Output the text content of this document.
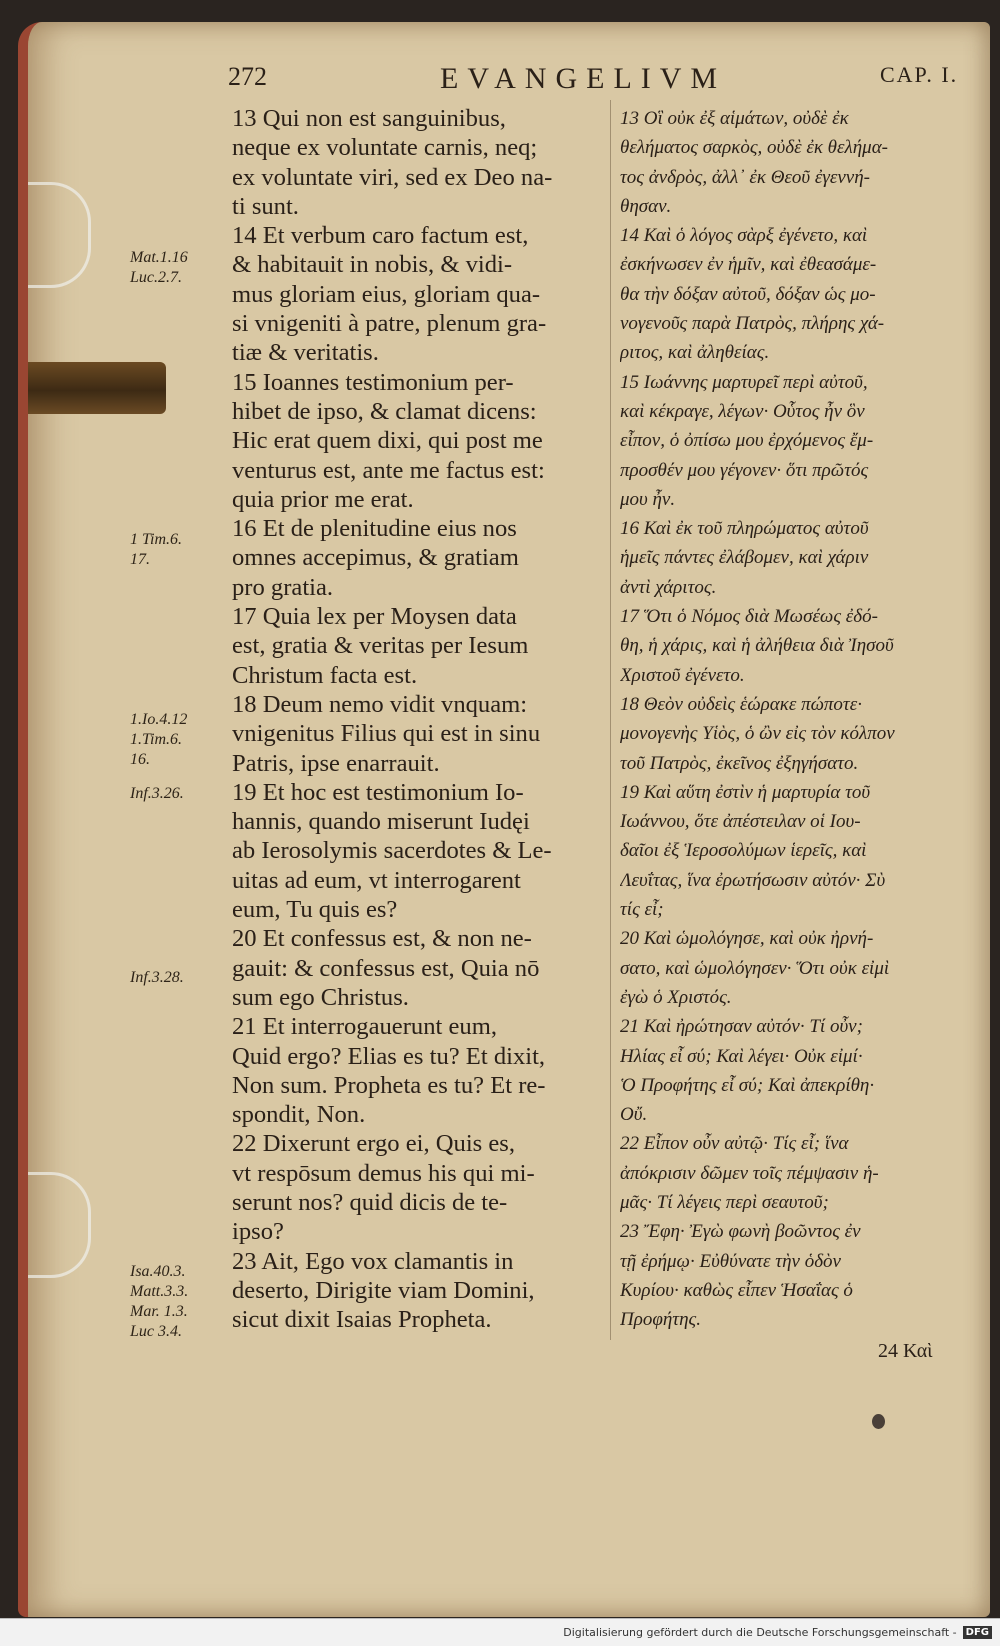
272	EVANGELIVM	CAP. I.
13 Qui non est sanguinibus,
neque ex voluntate carnis, neq;
ex voluntate viri, sed ex Deo na-
ti sunt.
14 Et verbum caro factum est,
& habitauit in nobis, & vidi-
mus gloriam eius, gloriam qua-
si vnigeniti à patre, plenum gra-
tiæ & veritatis.
15 Ioannes testimonium per-
hibet de ipso, & clamat dicens:
Hic erat quem dixi, qui post me
venturus est, ante me factus est:
quia prior me erat.
16 Et de plenitudine eius nos
omnes accepimus, & gratiam
pro gratia.
17 Quia lex per Moysen data
est, gratia & veritas per Iesum
Christum facta est.
18 Deum nemo vidit vnquam:
vnigenitus Filius qui est in sinu
Patris, ipse enarrauit.
19 Et hoc est testimonium Io-
hannis, quando miserunt Iudęi
ab Ierosolymis sacerdotes & Le-
uitas ad eum, vt interrogarent
eum, Tu quis es?
20 Et confessus est, & non ne-
gauit: & confessus est, Quia nō
sum ego Christus.
21 Et interrogauerunt eum,
Quid ergo? Elias es tu? Et dixit,
Non sum. Propheta es tu? Et re-
spondit, Non.
22 Dixerunt ergo ei, Quis es,
vt respōsum demus his qui mi-
serunt nos? quid dicis de te-
ipso?
23 Ait, Ego vox clamantis in
deserto, Dirigite viam Domini,
sicut dixit Isaias Propheta.
13 Οἳ οὐκ ἐξ αἱμάτων, οὐδὲ ἐκ
θελήματος σαρκὸς, οὐδὲ ἐκ θελήμα-
τος ἀνδρὸς, ἀλλ᾽ ἐκ Θεοῦ ἐγεννή-
θησαν.
14 Καὶ ὁ λόγος σὰρξ ἐγένετο, καὶ
ἐσκήνωσεν ἐν ἡμῖν, καὶ ἐθεασάμε-
θα τὴν δόξαν αὐτοῦ, δόξαν ὡς μο-
νογενοῦς παρὰ Πατρὸς, πλήρης χά-
ριτος, καὶ ἀληθείας.
15 Ιωάννης μαρτυρεῖ περὶ αὐτοῦ,
καὶ κέκραγε, λέγων· Οὗτος ἦν ὃν
εἶπον, ὁ ὀπίσω μου ἐρχόμενος ἔμ-
προσθέν μου γέγονεν· ὅτι πρῶτός
μου ἦν.
16 Καὶ ἐκ τοῦ πληρώματος αὐτοῦ
ἡμεῖς πάντες ἐλάβομεν, καὶ χάριν
ἀντὶ χάριτος.
17 Ὅτι ὁ Νόμος διὰ Μωσέως ἐδό-
θη, ἡ χάρις, καὶ ἡ ἀλήθεια διὰ Ἰησοῦ
Χριστοῦ ἐγένετο.
18 Θεὸν οὐδεὶς ἑώρακε πώποτε·
μονογενὴς Υἱὸς, ὁ ὢν εἰς τὸν κόλπον
τοῦ Πατρὸς, ἐκεῖνος ἐξηγήσατο.
19 Καὶ αὕτη ἐστὶν ἡ μαρτυρία τοῦ
Ιωάννου, ὅτε ἀπέστειλαν οἱ Ιου-
δαῖοι ἐξ Ἱεροσολύμων ἱερεῖς, καὶ
Λευΐτας, ἵνα ἐρωτήσωσιν αὐτόν· Σὺ
τίς εἶ;
20 Καὶ ὡμολόγησε, καὶ οὐκ ἠρνή-
σατο, καὶ ὡμολόγησεν· Ὅτι οὐκ εἰμὶ
ἐγὼ ὁ Χριστός.
21 Καὶ ἠρώτησαν αὐτόν· Τί οὖν;
Ηλίας εἶ σύ; Καὶ λέγει· Οὐκ εἰμί·
Ὁ Προφήτης εἶ σύ; Καὶ ἀπεκρίθη·
Οὔ.
22 Εἶπον οὖν αὐτῷ· Τίς εἶ; ἵνα
ἀπόκρισιν δῶμεν τοῖς πέμψασιν ἡ-
μᾶς· Τί λέγεις περὶ σεαυτοῦ;
23 Ἔφη· Ἐγὼ φωνὴ βοῶντος ἐν
τῇ ἐρήμῳ· Εὐθύνατε τὴν ὁδὸν
Κυρίου· καθὼς εἶπεν Ἡσαΐας ὁ
Προφήτης.
Mat.1.16
Luc.2.7.
1 Tim.6.
17.
1.Io.4.12
1.Tim.6.
16.
Inf.3.26.
Inf.3.28.
Isa.40.3.
Matt.3.3.
Mar. 1.3.
Luc 3.4.
24 Καὶ
Digitalisierung gefördert durch die Deutsche Forschungsgemeinschaft - DFG
